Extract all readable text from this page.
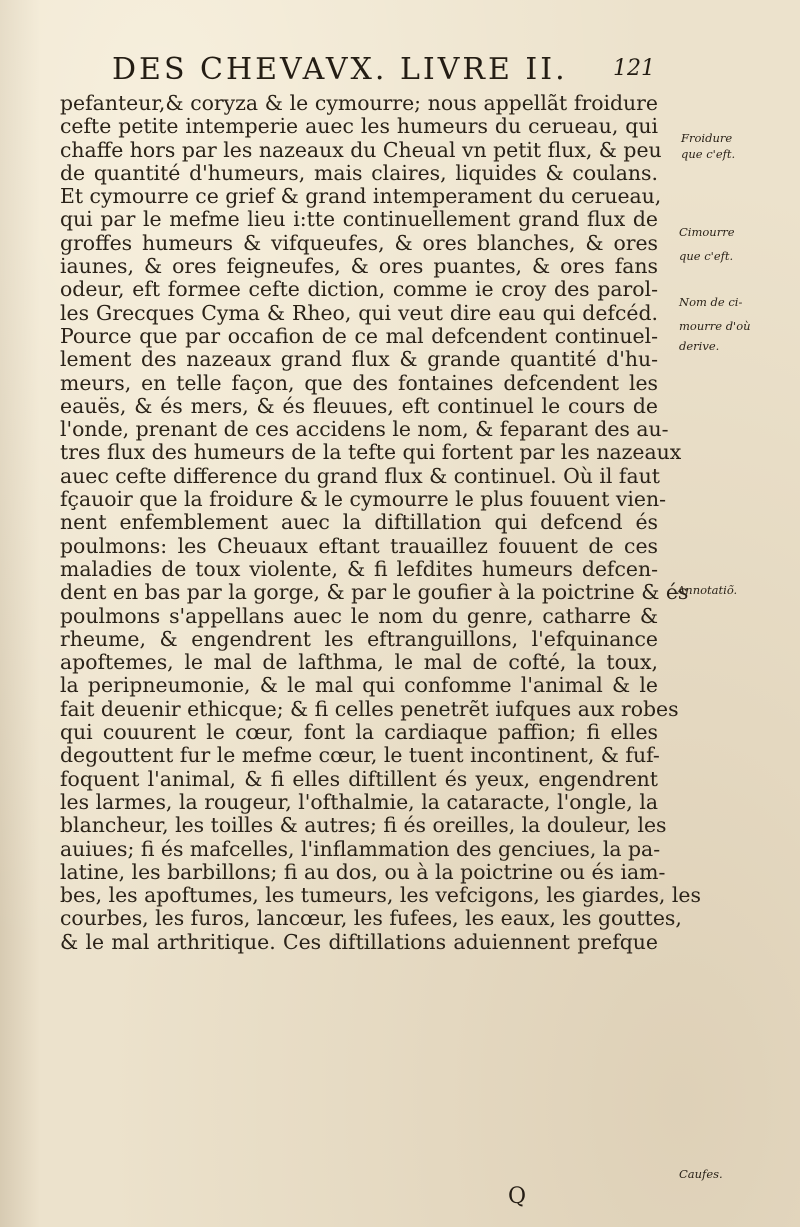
DES CHEVAVX. LIVRE II. 121
pefanteur,& coryza & le cymourre; nous appellãt froidure
cefte petite intemperie auec les humeurs du cerueau, qui
chaffe hors par les nazeaux du Cheual vn petit flux, & peu
de quantité d'humeurs, mais claires, liquides & coulans.
Et cymourre ce grief & grand intemperament du cerueau,
qui par le mefme lieu i:tte continuellement grand flux de
groffes humeurs & vifqueufes, & ores blanches, & ores
iaunes, & ores feigneufes, & ores puantes, & ores fans
odeur, eft formee cefte diction, comme ie croy des parol-
les Grecques Cyma & Rheo, qui veut dire eau qui defcéd.
Pource que par occafion de ce mal defcendent continuel-
lement des nazeaux grand flux & grande quantité d'hu-
meurs, en telle façon, que des fontaines defcendent les
eauës, & és mers, & és fleuues, eft continuel le cours de
l'onde, prenant de ces accidens le nom, & feparant des au-
tres flux des humeurs de la tefte qui fortent par les nazeaux
auec cefte difference du grand flux & continuel. Où il faut
fçauoir que la froidure & le cymourre le plus fouuent vien-
nent enfemblement auec la diftillation qui defcend és
poulmons: les Cheuaux eftant trauaillez fouuent de ces
maladies de toux violente, & fi lefdites humeurs defcen-
dent en bas par la gorge, & par le goufier à la poictrine & és
poulmons s'appellans auec le nom du genre, catharre &
rheume, & engendrent les eftranguillons, l'efquinance
apoftemes, le mal de lafthma, le mal de cofté, la toux,
la peripneumonie, & le mal qui confomme l'animal & le
fait deuenir ethicque; & fi celles penetrẽt iufques aux robes
qui couurent le cœur, font la cardiaque paffion; fi elles
degouttent fur le mefme cœur, le tuent incontinent, & fuf-
foquent l'animal, & fi elles diftillent és yeux, engendrent
les larmes, la rougeur, l'ofthalmie, la cataracte, l'ongle, la
blancheur, les toilles & autres; fi és oreilles, la douleur, les
auiues; fi és mafcelles, l'inflammation des genciues, la pa-
latine, les barbillons; fi au dos, ou à la poictrine ou és iam-
bes, les apoftumes, les tumeurs, les vefcigons, les giardes, les
courbes, les furos, lancœur, les fufees, les eaux, les gouttes,
& le mal arthritique. Ces diftillations aduiennent prefque
Froidure
que c'eft.
Cimourre
que c'eft.
Nom de ci-
mourre d'où
derive.
Annotatiõ.
Caufes.
Q
